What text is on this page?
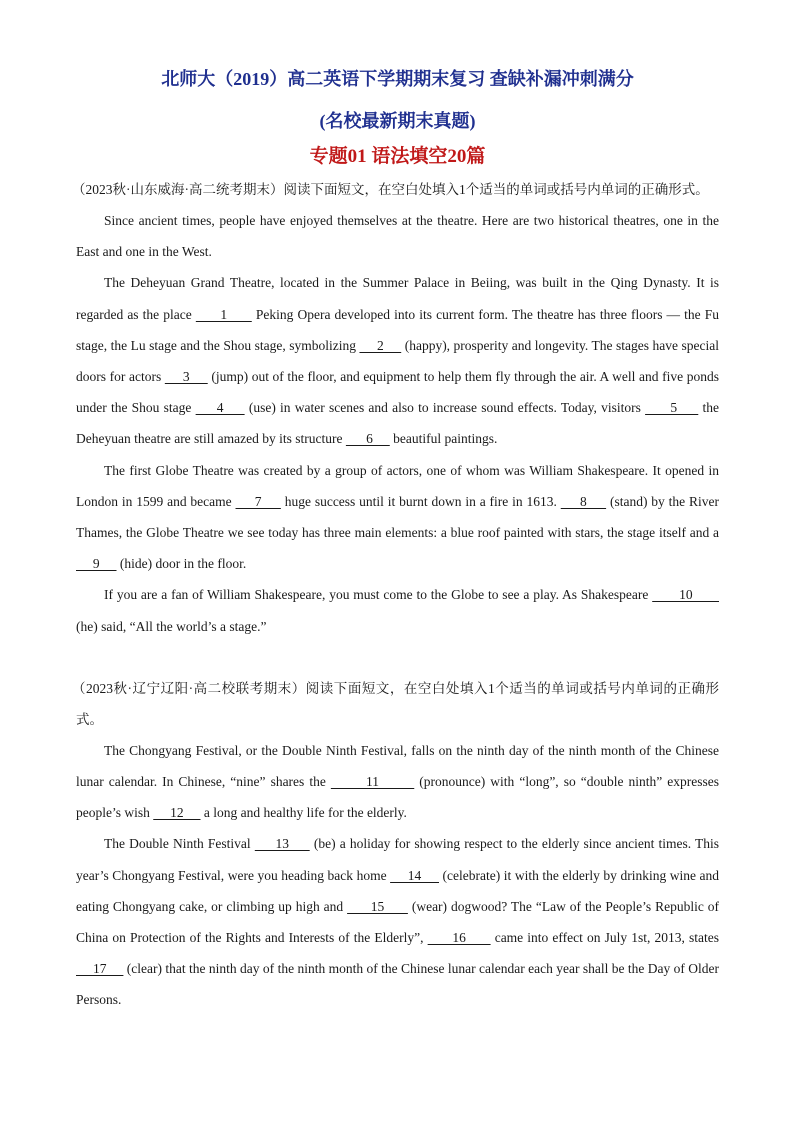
北师大（2019）高二英语下学期期末复习 查缺补漏冲刺满分
(名校最新期末真题)
专题01 语法填空20篇

（2023秋·山东威海·高二统考期末）阅读下面短文，在空白处填入1个适当的单词或括号内单词的正确形式。

Since ancient times, people have enjoyed themselves at the theatre. Here are two historical theatres, one in the East and one in the West.

The Deheyuan Grand Theatre, located in the Summer Palace in Beiing, was built in the Qing Dynasty. It is regarded as the place       1       Peking Opera developed into its current form. The theatre has three floors — the Fu stage, the Lu stage and the Shou stage, symbolizing      2      (happy), prosperity and longevity. The stages have special doors for actors      3      (jump) out of the floor, and equipment to help them fly through the air. A well and five ponds under the Shou stage      4      (use) in water scenes and also to increase sound effects. Today, visitors       5      the Deheyuan theatre are still amazed by its structure       6      beautiful paintings.

The first Globe Theatre was created by a group of actors, one of whom was William Shakespeare. It opened in London in 1599 and became      7      huge success until it burnt down in a fire in 1613.      8      (stand) by the River Thames, the Globe Theatre we see today has three main elements: a blue roof painted with stars, the stage itself and a      9      (hide) door in the floor.

If you are a fan of William Shakespeare, you must come to the Globe to see a play. As Shakespeare        10        (he) said, “All the world’s a stage.”

（2023秋·辽宁辽阳·高二校联考期末）阅读下面短文，在空白处填入1个适当的单词或括号内单词的正确形式。

The Chongyang Festival, or the Double Ninth Festival, falls on the ninth day of the ninth month of the Chinese lunar calendar. In Chinese, “nine” shares the        11        (pronounce) with “long”, so “double ninth” expresses people’s wish      12      a long and healthy life for the elderly.

The Double Ninth Festival      13      (be) a holiday for showing respect to the elderly since ancient times. This year’s Chongyang Festival, were you heading back home      14      (celebrate) it with the elderly by drinking wine and eating Chongyang cake, or climbing up high and       15       (wear) dogwood? The “Law of the People’s Republic of China on Protection of the Rights and Interests of the Elderly”,       16       came into effect on July 1st, 2013, states      17      (clear) that the ninth day of the ninth month of the Chinese lunar calendar each year shall be the Day of Older Persons.
